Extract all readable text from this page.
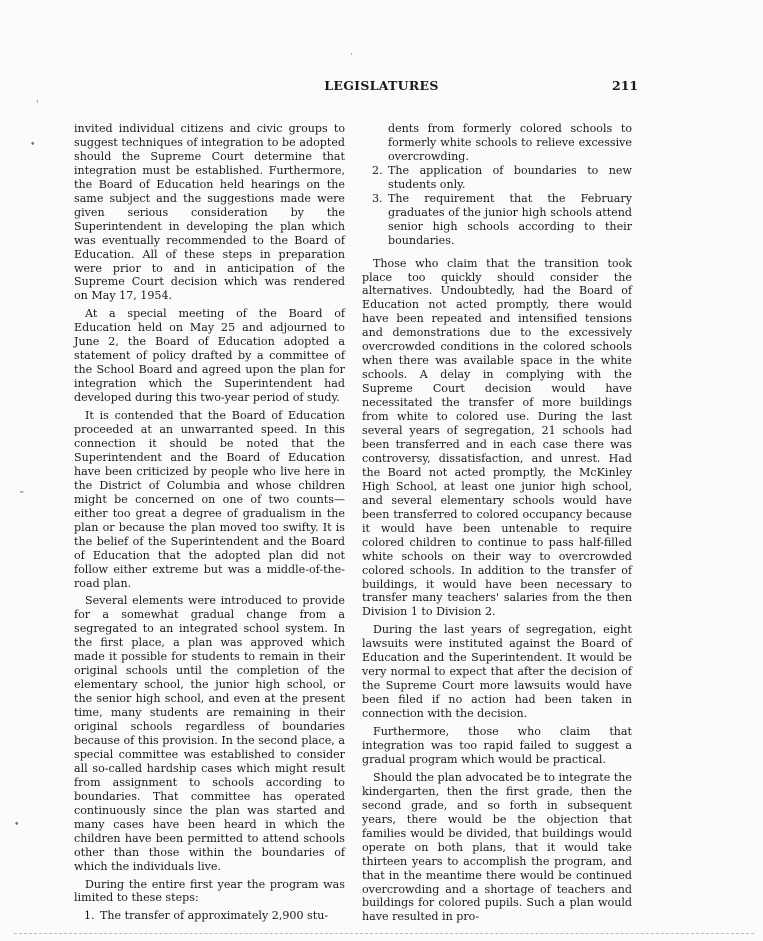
LEGISLATURES	211
'
•
⌄
•
·

invited individual citizens and civic groups to suggest techniques of integration to be adopted should the Supreme Court determine that integration must be established. Furthermore, the Board of Education held hearings on the same subject and the suggestions made were given serious consideration by the Superintendent in developing the plan which was eventually recommended to the Board of Education. All of these steps in preparation were prior to and in anticipation of the Supreme Court decision which was rendered on May 17, 1954.

At a special meeting of the Board of Education held on May 25 and adjourned to June 2, the Board of Education adopted a statement of policy drafted by a committee of the School Board and agreed upon the plan for integration which the Superintendent had developed during this two-year period of study.

It is contended that the Board of Education proceeded at an unwarranted speed. In this connection it should be noted that the Superintendent and the Board of Education have been criticized by people who live here in the District of Columbia and whose children might be concerned on one of two counts—either too great a degree of gradualism in the plan or because the plan moved too swifty. It is the belief of the Superintendent and the Board of Education that the adopted plan did not follow either extreme but was a middle-of-the-road plan.

Several elements were introduced to provide for a somewhat gradual change from a segregated to an integrated school system. In the first place, a plan was approved which made it possible for students to remain in their original schools until the completion of the elementary school, the junior high school, or the senior high school, and even at the present time, many students are remaining in their original schools regardless of boundaries because of this provision. In the second place, a special committee was established to consider all so-called hardship cases which might result from assignment to schools according to boundaries. That committee has operated continuously since the plan was started and many cases have been heard in which the children have been permitted to attend schools other than those within the boundaries of which the individuals live.

During the entire first year the program was limited to these steps:

1. The transfer of approximately 2,900 stu-
dents from formerly colored schools to formerly white schools to relieve excessive overcrowding.
2. The application of boundaries to new students only.
3. The requirement that the February graduates of the junior high schools attend senior high schools according to their boundaries.

Those who claim that the transition took place too quickly should consider the alternatives. Undoubtedly, had the Board of Education not acted promptly, there would have been repeated and intensified tensions and demonstrations due to the excessively overcrowded conditions in the colored schools when there was available space in the white schools. A delay in complying with the Supreme Court decision would have necessitated the transfer of more buildings from white to colored use. During the last several years of segregation, 21 schools had been transferred and in each case there was controversy, dissatisfaction, and unrest. Had the Board not acted promptly, the McKinley High School, at least one junior high school, and several elementary schools would have been transferred to colored occupancy because it would have been untenable to require colored children to continue to pass half-filled white schools on their way to overcrowded colored schools. In addition to the transfer of buildings, it would have been necessary to transfer many teachers' salaries from the then Division 1 to Division 2.

During the last years of segregation, eight lawsuits were instituted against the Board of Education and the Superintendent. It would be very normal to expect that after the decision of the Supreme Court more lawsuits would have been filed if no action had been taken in connection with the decision.

Furthermore, those who claim that integration was too rapid failed to suggest a gradual program which would be practical.

Should the plan advocated be to integrate the kindergarten, then the first grade, then the second grade, and so forth in subsequent years, there would be the objection that families would be divided, that buildings would operate on both plans, that it would take thirteen years to accomplish the program, and that in the meantime there would be continued overcrowding and a shortage of teachers and buildings for colored pupils. Such a plan would have resulted in pro-
